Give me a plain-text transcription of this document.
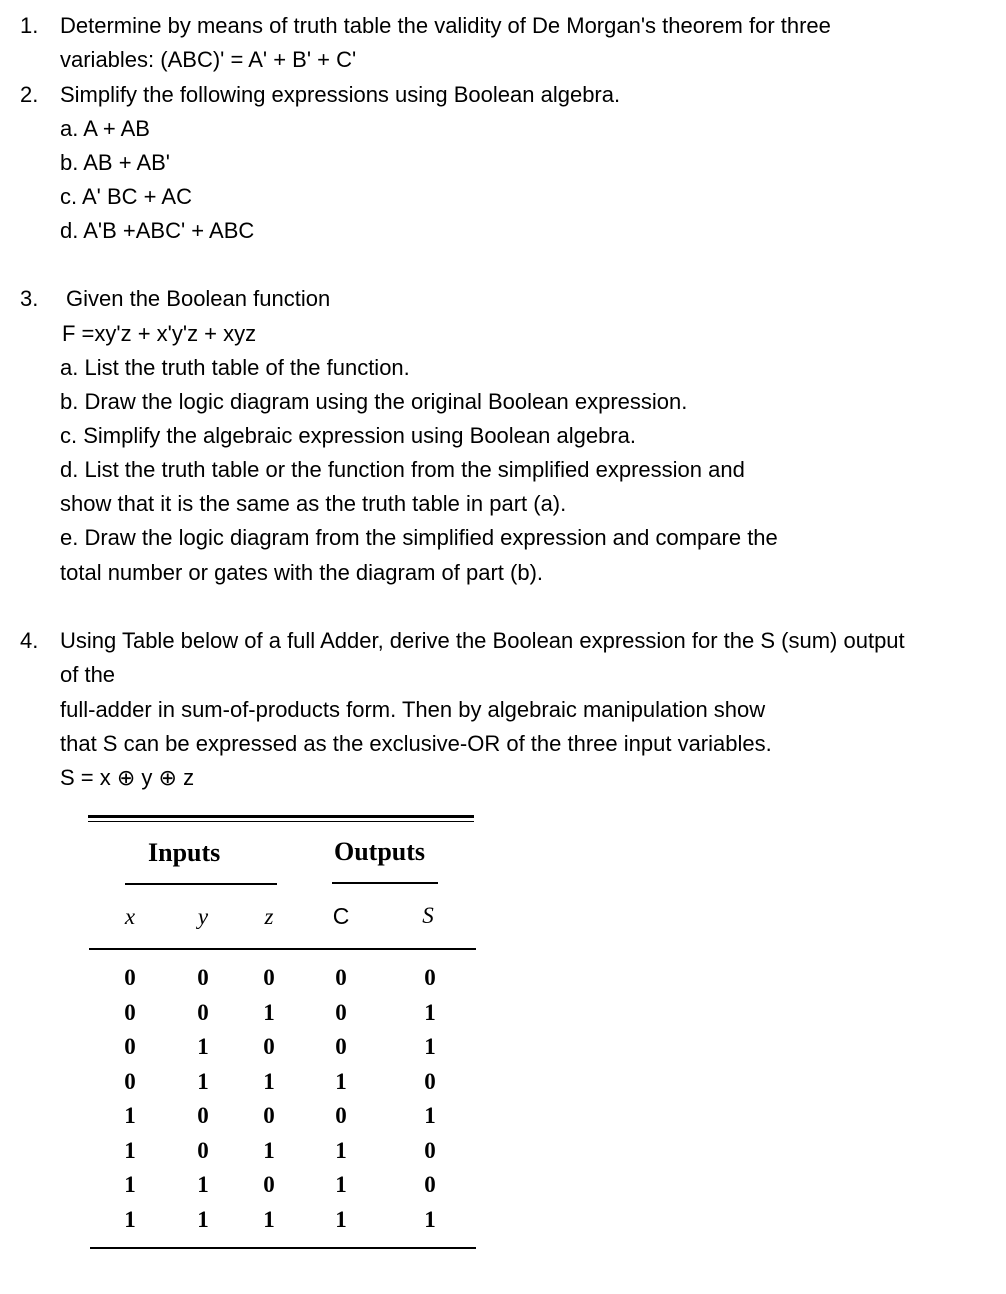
1. Determine by means of truth table the validity of De Morgan's theorem for three
variables: (ABC)' = A' + B' + C'
2. Simplify the following expressions using Boolean algebra.
a. A + AB
b. AB + AB'
c. A' BC + AC
d. A'B +ABC' + ABC
3. Given the Boolean function
F =xy'z + x'y'z + xyz
a. List the truth table of the function.
b. Draw the logic diagram using the original Boolean expression.
c. Simplify the algebraic expression using Boolean algebra.
d. List the truth table or the function from the simplified expression and
show that it is the same as the truth table in part (a).
e. Draw the logic diagram from the simplified expression and compare the
total number or gates with the diagram of part (b).
4. Using Table below of a full Adder, derive the Boolean expression for the S (sum) output
of the
full-adder in sum-of-products form. Then by algebraic manipulation show
that S can be expressed as the exclusive-OR of the three input variables.
S = x ⊕ y ⊕ z
Inputs	Outputs
x	y	z	C	S
0	0	0	0	0
0	0	1	0	1
0	1	0	0	1
0	1	1	1	0
1	0	0	0	1
1	0	1	1	0
1	1	0	1	0
1	1	1	1	1
